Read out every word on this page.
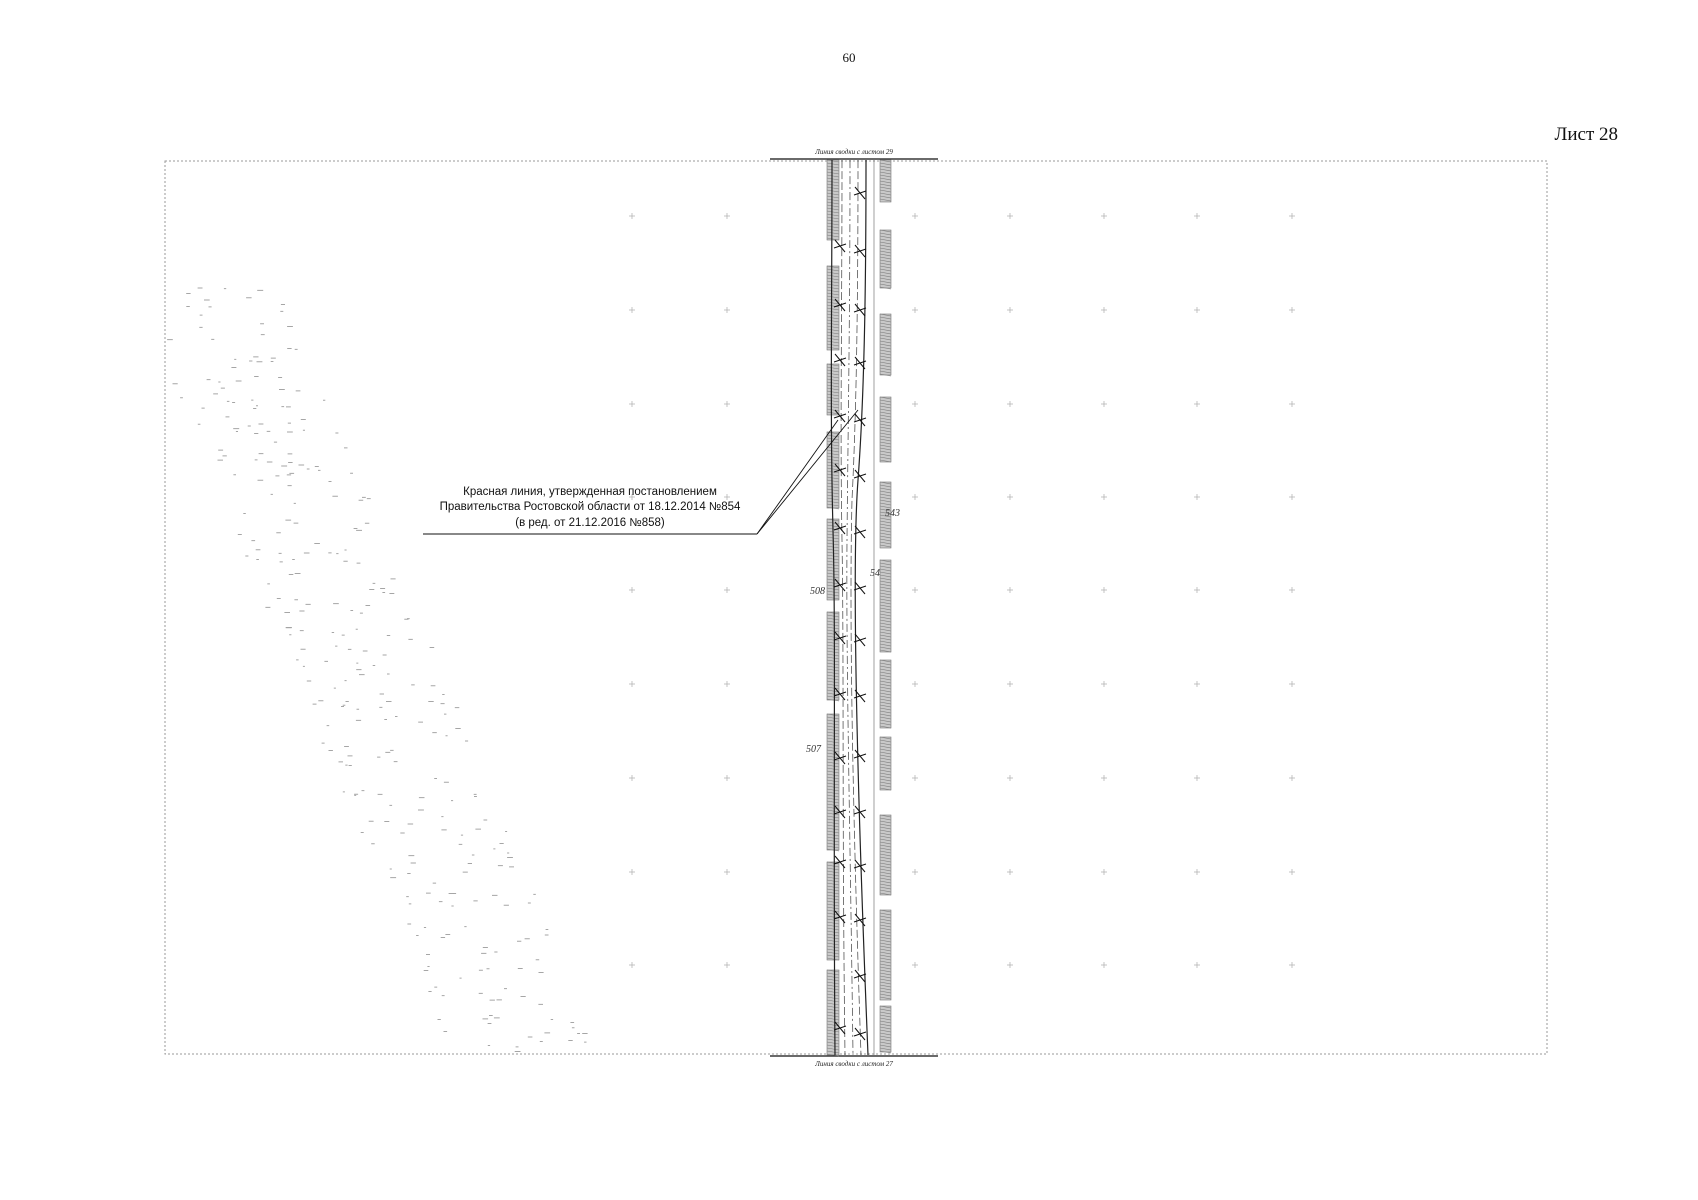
60
Лист 28
Линия сводки с листом 29
Линия сводки с листом 27
543
508
54
507
Красная линия, утвержденная постановлением
Правительства Ростовской области от 18.12.2014 №854
(в ред. от 21.12.2016 №858)
